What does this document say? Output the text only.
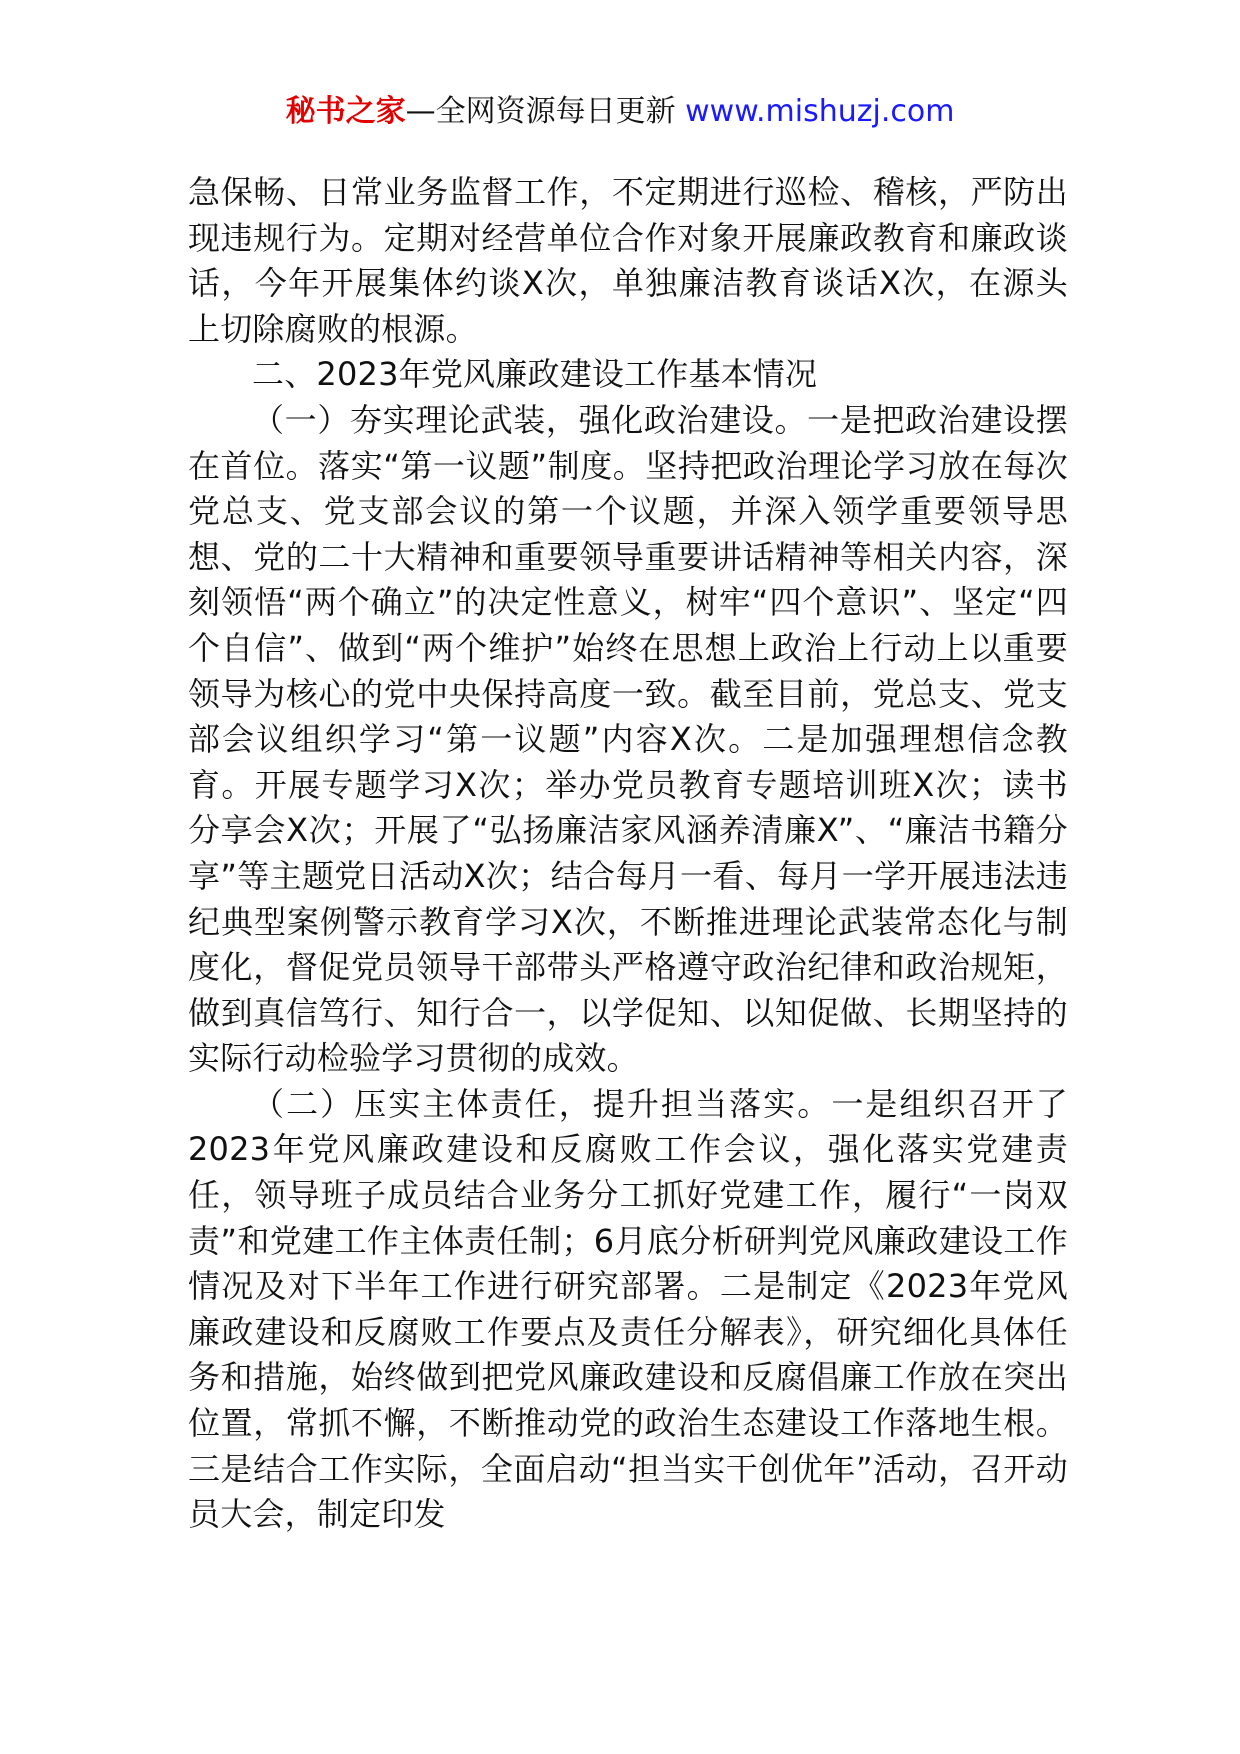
秘书之家—全网资源每日更新 www.mishuzj.com

急保畅、日常业务监督工作，不定期进行巡检、稽核，严防出现违规行为。定期对经营单位合作对象开展廉政教育和廉政谈话，今年开展集体约谈X次，单独廉洁教育谈话X次，在源头上切除腐败的根源。

二、2023年党风廉政建设工作基本情况

（一）夯实理论武装，强化政治建设。一是把政治建设摆在首位。落实“第一议题”制度。坚持把政治理论学习放在每次党总支、党支部会议的第一个议题，并深入领学重要领导思想、党的二十大精神和重要领导重要讲话精神等相关内容，深刻领悟“两个确立”的决定性意义，树牢“四个意识”、坚定“四个自信”、做到“两个维护”始终在思想上政治上行动上以重要领导为核心的党中央保持高度一致。截至目前，党总支、党支部会议组织学习“第一议题”内容X次。二是加强理想信念教育。开展专题学习X次；举办党员教育专题培训班X次；读书分享会X次；开展了“弘扬廉洁家风涵养清廉X”、“廉洁书籍分享”等主题党日活动X次；结合每月一看、每月一学开展违法违纪典型案例警示教育学习X次，不断推进理论武装常态化与制度化，督促党员领导干部带头严格遵守政治纪律和政治规矩，做到真信笃行、知行合一，以学促知、以知促做、长期坚持的实际行动检验学习贯彻的成效。

（二）压实主体责任，提升担当落实。一是组织召开了2023年党风廉政建设和反腐败工作会议，强化落实党建责任，领导班子成员结合业务分工抓好党建工作，履行“一岗双责”和党建工作主体责任制；6月底分析研判党风廉政建设工作情况及对下半年工作进行研究部署。二是制定《2023年党风廉政建设和反腐败工作要点及责任分解表》，研究细化具体任务和措施，始终做到把党风廉政建设和反腐倡廉工作放在突出位置，常抓不懈，不断推动党的政治生态建设工作落地生根。三是结合工作实际，全面启动“担当实干创优年”活动，召开动员大会，制定印发
